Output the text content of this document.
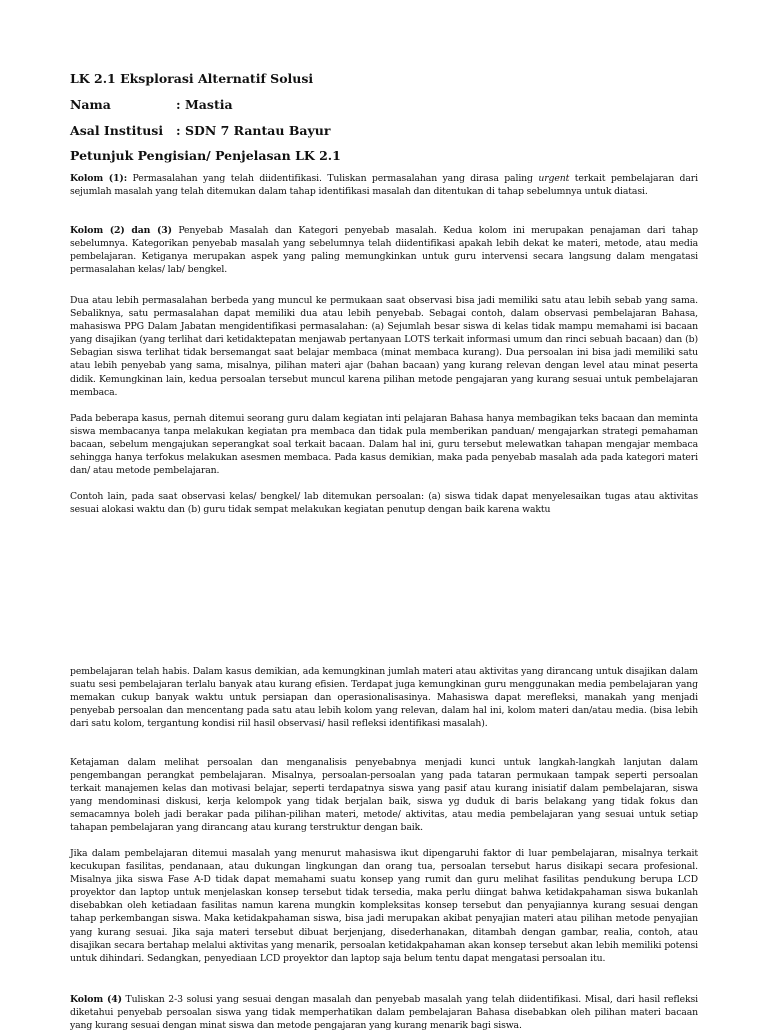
LK 2.1 Eksplorasi Alternatif Solusi
Nama	: Mastia
Asal Institusi : SDN 7 Rantau Bayur
Petunjuk Pengisian/ Penjelasan LK 2.1

Kolom (1): Permasalahan yang telah diidentifikasi. Tuliskan permasalahan yang dirasa paling urgent terkait pembelajaran dari sejumlah masalah yang telah ditemukan dalam tahap identifikasi masalah dan ditentukan di tahap sebelumnya untuk diatasi.

Kolom (2) dan (3) Penyebab Masalah dan Kategori penyebab masalah. Kedua kolom ini merupakan penajaman dari tahap sebelumnya. Kategorikan penyebab masalah yang sebelumnya telah diidentifikasi apakah lebih dekat ke materi, metode, atau media pembelajaran. Ketiganya merupakan aspek yang paling memungkinkan untuk guru intervensi secara langsung dalam mengatasi permasalahan kelas/ lab/ bengkel.

Dua atau lebih permasalahan berbeda yang muncul ke permukaan saat observasi bisa jadi memiliki satu atau lebih sebab yang sama. Sebaliknya, satu permasalahan dapat memiliki dua atau lebih penyebab. Sebagai contoh, dalam observasi pembelajaran Bahasa, mahasiswa PPG Dalam Jabatan mengidentifikasi permasalahan: (a) Sejumlah besar siswa di kelas tidak mampu memahami isi bacaan yang disajikan (yang terlihat dari ketidaktepatan menjawab pertanyaan LOTS terkait informasi umum dan rinci sebuah bacaan) dan (b) Sebagian siswa terlihat tidak bersemangat saat belajar membaca (minat membaca kurang). Dua persoalan ini bisa jadi memiliki satu atau lebih penyebab yang sama, misalnya, pilihan materi ajar (bahan bacaan) yang kurang relevan dengan level atau minat peserta didik. Kemungkinan lain, kedua persoalan tersebut muncul karena pilihan metode pengajaran yang kurang sesuai untuk pembelajaran membaca.

Pada beberapa kasus, pernah ditemui seorang guru dalam kegiatan inti pelajaran Bahasa hanya membagikan teks bacaan dan meminta siswa membacanya tanpa melakukan kegiatan pra membaca dan tidak pula memberikan panduan/ mengajarkan strategi pemahaman bacaan, sebelum mengajukan seperangkat soal terkait bacaan. Dalam hal ini, guru tersebut melewatkan tahapan mengajar membaca sehingga hanya terfokus melakukan asesmen membaca. Pada kasus demikian, maka pada penyebab masalah ada pada kategori materi dan/ atau metode pembelajaran.

Contoh lain, pada saat observasi kelas/ bengkel/ lab ditemukan persoalan: (a) siswa tidak dapat menyelesaikan tugas atau aktivitas sesuai alokasi waktu dan (b) guru tidak sempat melakukan kegiatan penutup dengan baik karena waktu

pembelajaran telah habis. Dalam kasus demikian, ada kemungkinan jumlah materi atau aktivitas yang dirancang untuk disajikan dalam suatu sesi pembelajaran terlalu banyak atau kurang efisien. Terdapat juga kemungkinan guru menggunakan media pembelajaran yang memakan cukup banyak waktu untuk persiapan dan operasionalisasinya. Mahasiswa dapat merefleksi, manakah yang menjadi penyebab persoalan dan mencentang pada satu atau lebih kolom yang relevan, dalam hal ini, kolom materi dan/atau media. (bisa lebih dari satu kolom, tergantung kondisi riil hasil observasi/ hasil refleksi identifikasi masalah).

Ketajaman dalam melihat persoalan dan menganalisis penyebabnya menjadi kunci untuk langkah-langkah lanjutan dalam pengembangan perangkat pembelajaran. Misalnya, persoalan-persoalan yang pada tataran permukaan tampak seperti persoalan terkait manajemen kelas dan motivasi belajar, seperti terdapatnya siswa yang pasif atau kurang inisiatif dalam pembelajaran, siswa yang mendominasi diskusi, kerja kelompok yang tidak berjalan baik, siswa yg duduk di baris belakang yang tidak fokus dan semacamnya boleh jadi berakar pada pilihan-pilihan materi, metode/ aktivitas, atau media pembelajaran yang sesuai untuk setiap tahapan pembelajaran yang dirancang atau kurang terstruktur dengan baik.

Jika dalam pembelajaran ditemui masalah yang menurut mahasiswa ikut dipengaruhi faktor di luar pembelajaran, misalnya terkait kecukupan fasilitas, pendanaan, atau dukungan lingkungan dan orang tua, persoalan tersebut harus disikapi secara profesional. Misalnya jika siswa Fase A-D tidak dapat memahami suatu konsep yang rumit dan guru melihat fasilitas pendukung berupa LCD proyektor dan laptop untuk menjelaskan konsep tersebut tidak tersedia, maka perlu diingat bahwa ketidakpahaman siswa bukanlah disebabkan oleh ketiadaan fasilitas namun karena mungkin kompleksitas konsep tersebut dan penyajiannya kurang sesuai dengan tahap perkembangan siswa. Maka ketidakpahaman siswa, bisa jadi merupakan akibat penyajian materi atau pilihan metode penyajian yang kurang sesuai. Jika saja materi tersebut dibuat berjenjang, disederhanakan, ditambah dengan gambar, realia, contoh, atau disajikan secara bertahap melalui aktivitas yang menarik, persoalan ketidakpahaman akan konsep tersebut akan lebih memiliki potensi untuk dihindari. Sedangkan, penyediaan LCD proyektor dan laptop saja belum tentu dapat mengatasi persoalan itu.

Kolom (4) Tuliskan 2-3 solusi yang sesuai dengan masalah dan penyebab masalah yang telah diidentifikasi. Misal, dari hasil refleksi diketahui penyebab persoalan siswa yang tidak memperhatikan dalam pembelajaran Bahasa disebabkan oleh pilihan materi bacaan yang kurang sesuai dengan minat siswa dan metode pengajaran yang kurang menarik bagi siswa.
